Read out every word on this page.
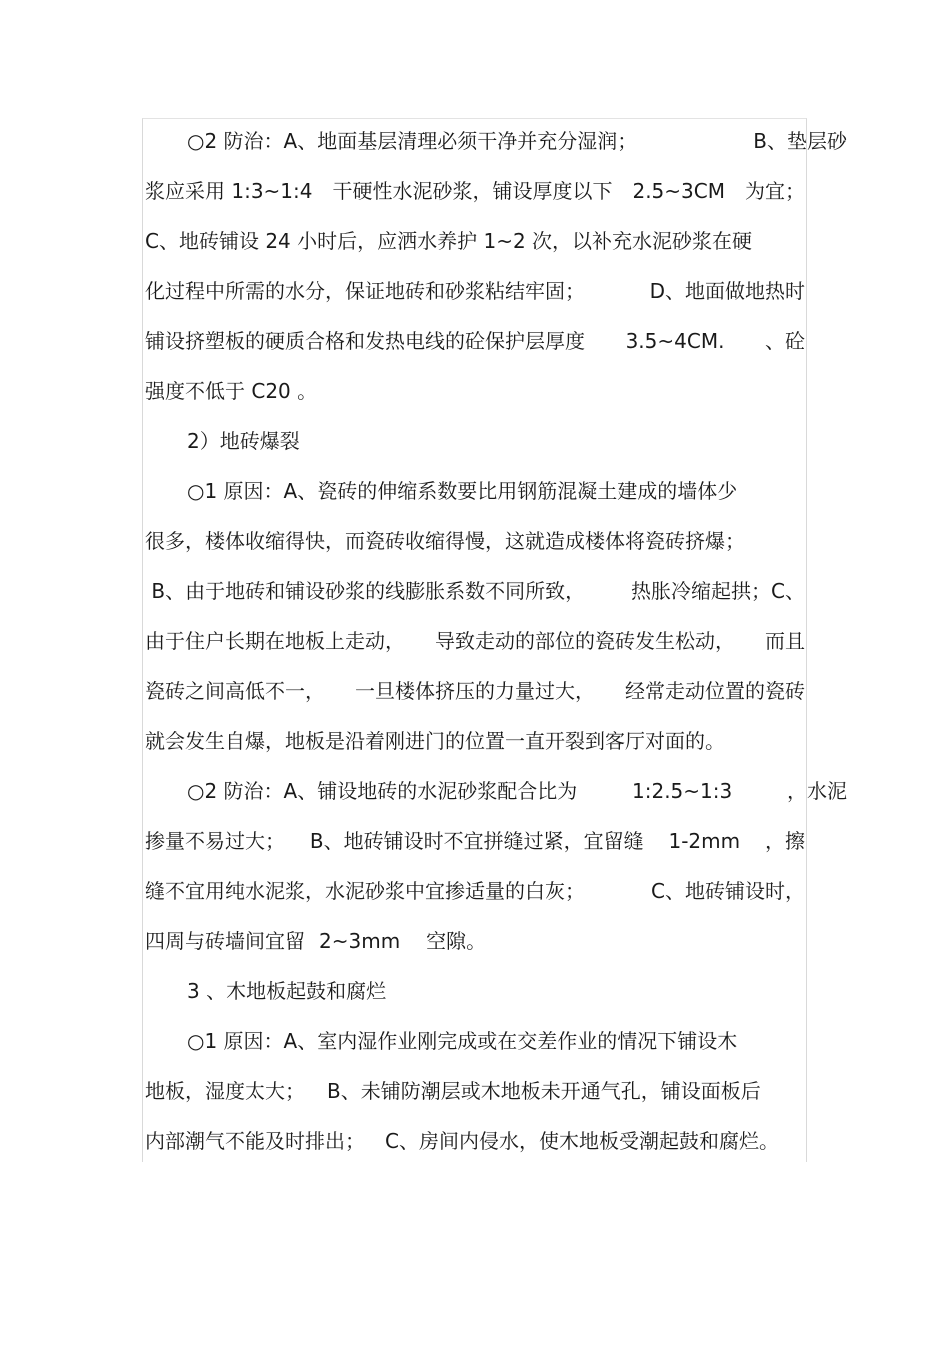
○2 防治：A、地面基层清理必须干净并充分湿润；	B、垫层砂
浆应采用 1:3~1:4 干硬性水泥砂浆，铺设厚度以下 2.5~3CM 为宜；
C、地砖铺设 24 小时后，应洒水养护 1~2 次，以补充水泥砂浆在硬
化过程中所需的水分，保证地砖和砂浆粘结牢固；	D、地面做地热时
铺设挤塑板的硬质合格和发热电线的砼保护层厚度 3.5~4CM. 、砼
强度不低于 C20 。
2）地砖爆裂
○1 原因：A、瓷砖的伸缩系数要比用钢筋混凝土建成的墙体少
很多，楼体收缩得快，而瓷砖收缩得慢，这就造成楼体将瓷砖挤爆；
B、由于地砖和铺设砂浆的线膨胀系数不同所致， 热胀冷缩起拱；C、
由于住户长期在地板上走动， 导致走动的部位的瓷砖发生松动， 而且
瓷砖之间高低不一， 一旦楼体挤压的力量过大， 经常走动位置的瓷砖
就会发生自爆，地板是沿着刚进门的位置一直开裂到客厅对面的。
○2 防治：A、铺设地砖的水泥砂浆配合比为	1:2.5~1:3	，水泥
掺量不易过大； B、地砖铺设时不宜拼缝过紧，宜留缝 1-2mm ，擦
缝不宜用纯水泥浆，水泥砂浆中宜掺适量的白灰；	C、地砖铺设时，
四周与砖墙间宜留 2~3mm 空隙。
3 、木地板起鼓和腐烂
○1 原因：A、室内湿作业刚完成或在交差作业的情况下铺设木
地板，湿度太大； B、未铺防潮层或木地板未开通气孔，铺设面板后
内部潮气不能及时排出； C、房间内侵水，使木地板受潮起鼓和腐烂。
